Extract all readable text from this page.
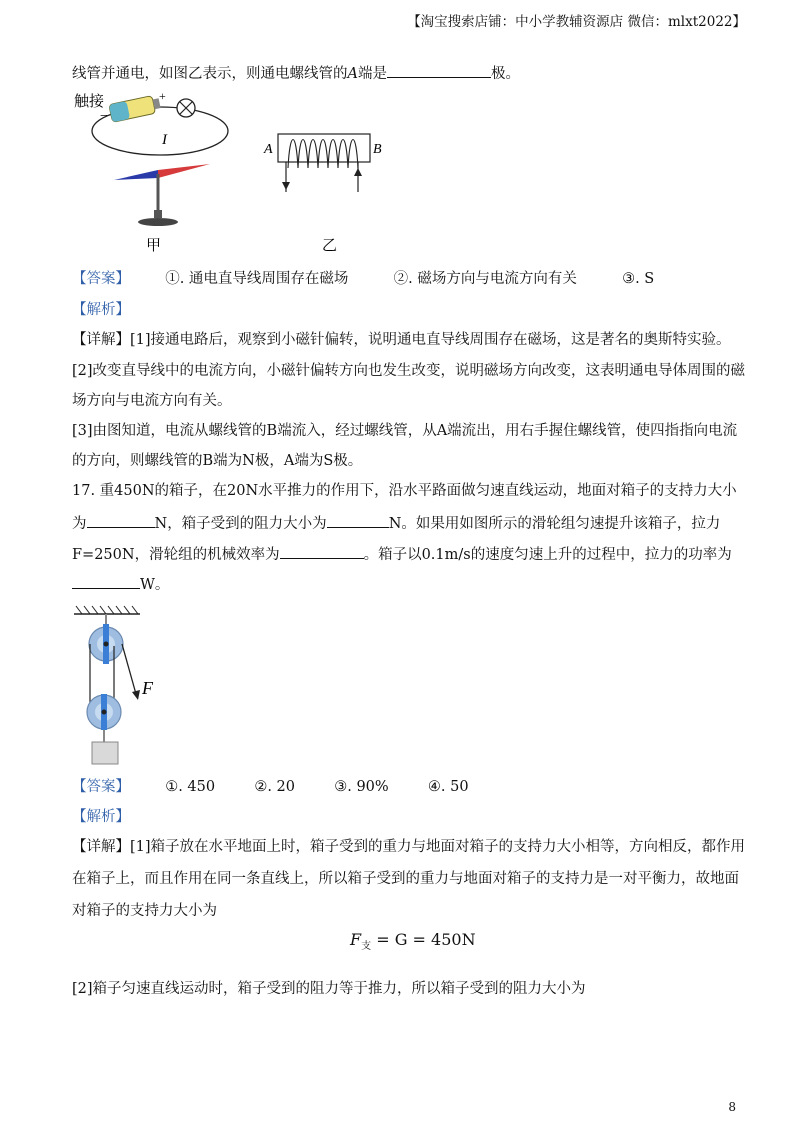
【淘宝搜索店铺：中小学教辅资源店 微信：mlxt2022】
线管并通电，如图乙表示，则通电螺线管的A端是	极。
触接
−
+
I
甲
A	B
乙
【答案】 ①. 通电直导线周围存在磁场	②. 磁场方向与电流方向有关	③. S
【解析】
【详解】[1]接通电路后，观察到小磁针偏转，说明通电直导线周围存在磁场，这是著名的奥斯特实验。
[2]改变直导线中的电流方向，小磁针偏转方向也发生改变，说明磁场方向改变，这表明通电导体周围的磁
场方向与电流方向有关。
[3]由图知道，电流从螺线管的B端流入，经过螺线管，从A端流出，用右手握住螺线管，使四指指向电流
的方向，则螺线管的B端为N极，A端为S极。
17. 重450N的箱子，在20N水平推力的作用下，沿水平路面做匀速直线运动，地面对箱子的支持力大小
为	N，箱子受到的阻力大小为	N。如果用如图所示的滑轮组匀速提升该箱子，拉力
F=250N，滑轮组的机械效率为	。箱子以0.1m/s的速度匀速上升的过程中，拉力的功率为
W。
F
【答案】 ①. 450	②. 20	③. 90%	④. 50
【解析】
【详解】[1]箱子放在水平地面上时，箱子受到的重力与地面对箱子的支持力大小相等，方向相反，都作用
在箱子上，而且作用在同一条直线上，所以箱子受到的重力与地面对箱子的支持力是一对平衡力，故地面
对箱子的支持力大小为
$F_支 = G = 450N$
[2]箱子匀速直线运动时，箱子受到的阻力等于推力，所以箱子受到的阻力大小为
8
